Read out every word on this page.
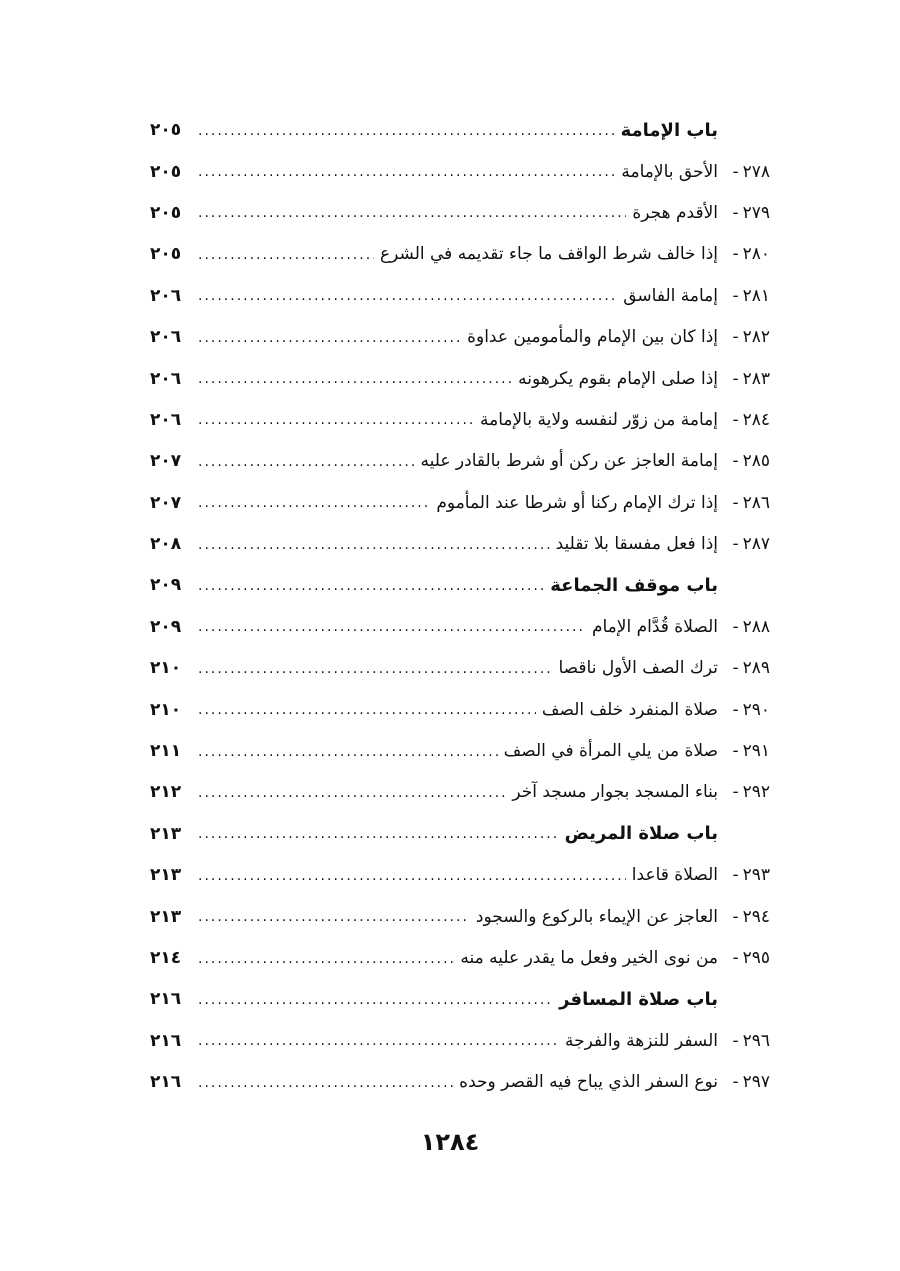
باب الإمامة
.....
٢٠٥
٢٧٨-
الأحق بالإمامة
.....
٢٠٥
٢٧٩-
الأقدم هجرة
.....
٢٠٥
٢٨٠-
إذا خالف شرط الواقف ما جاء تقديمه في الشرع
.....
٢٠٥
٢٨١-
إمامة الفاسق
.....
٢٠٦
٢٨٢-
إذا كان بين الإمام والمأمومين عداوة
.....
٢٠٦
٢٨٣-
إذا صلى الإمام بقوم يكرهونه
.....
٢٠٦
٢٨٤-
إمامة من زوّر لنفسه ولاية بالإمامة
.....
٢٠٦
٢٨٥-
إمامة العاجز عن ركن أو شرط بالقادر عليه
.....
٢٠٧
٢٨٦-
إذا ترك الإمام ركنا أو شرطا عند المأموم
.....
٢٠٧
٢٨٧-
إذا فعل مفسقا بلا تقليد
.....
٢٠٨
باب موقف الجماعة
.....
٢٠٩
٢٨٨-
الصلاة قُدَّام الإمام
.....
٢٠٩
٢٨٩-
ترك الصف الأول ناقصا
.....
٢١٠
٢٩٠-
صلاة المنفرد خلف الصف
.....
٢١٠
٢٩١-
صلاة من يلي المرأة في الصف
.....
٢١١
٢٩٢-
بناء المسجد بجوار مسجد آخر
.....
٢١٢
باب صلاة المريض
.....
٢١٣
٢٩٣-
الصلاة قاعدا
.....
٢١٣
٢٩٤-
العاجز عن الإيماء بالركوع والسجود
.....
٢١٣
٢٩٥-
من نوى الخير وفعل ما يقدر عليه منه
.....
٢١٤
باب صلاة المسافر
.....
٢١٦
٢٩٦-
السفر للنزهة والفرجة
.....
٢١٦
٢٩٧-
نوع السفر الذي يباح فيه القصر وحده
.....
٢١٦
١٢٨٤
